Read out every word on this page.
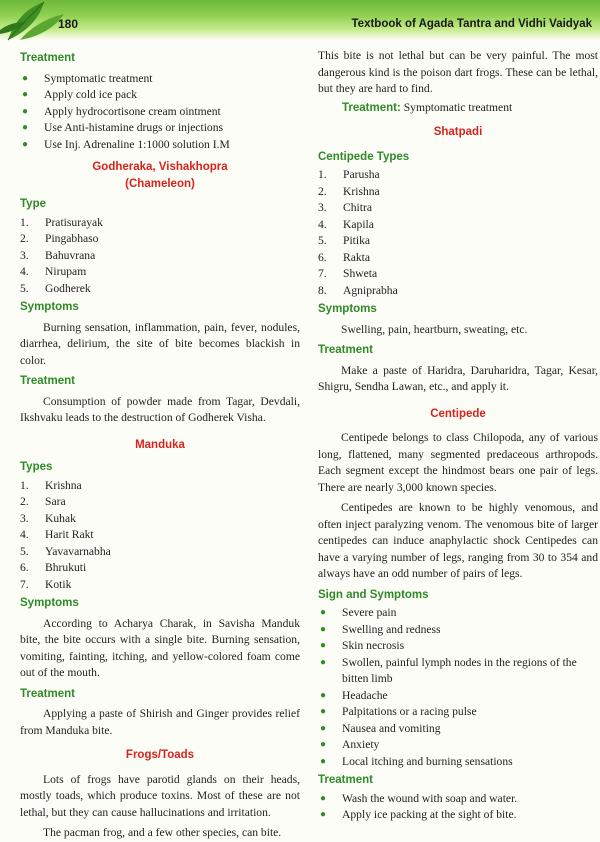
180	Textbook of Agada Tantra and Vidhi Vaidyak
Treatment
● Symptomatic treatment
● Apply cold ice pack
● Apply hydrocortisone cream ointment
● Use Anti-histamine drugs or injections
● Use Inj. Adrenaline 1:1000 solution I.M
Godheraka, Vishakhopra
(Chameleon)
Type
1.	Pratisurayak
2.	Pingabhaso
3.	Bahuvrana
4.	Nirupam
5.	Godherek
Symptoms

Burning sensation, inflammation, pain, fever, nodules, diarrhea, delirium, the site of bite becomes blackish in color.

Treatment

Consumption of powder made from Tagar, Devdali, Ikshvaku leads to the destruction of Godherek Visha.

Manduka
Types
1.	Krishna
2.	Sara
3.	Kuhak
4.	Harit Rakt
5.	Yavavarnabha
6.	Bhrukuti
7.	Kotik
Symptoms

According to Acharya Charak, in Savisha Manduk bite, the bite occurs with a single bite. Burning sensation, vomiting, fainting, itching, and yellow-colored foam come out of the mouth.

Treatment

Applying a paste of Shirish and Ginger provides relief from Manduka bite.

Frogs/Toads

Lots of frogs have parotid glands on their heads, mostly toads, which produce toxins. Most of these are not lethal, but they can cause hallucinations and irritation.

The pacman frog, and a few other species, can bite.

This bite is not lethal but can be very painful. The most dangerous kind is the poison dart frogs. These can be lethal, but they are hard to find.

Treatment: Symptomatic treatment

Shatpadi
Centipede Types
1.	Parusha
2.	Krishna
3.	Chitra
4.	Kapila
5.	Pitika
6.	Rakta
7.	Shweta
8.	Agniprabha
Symptoms

Swelling, pain, heartburn, sweating, etc.

Treatment

Make a paste of Haridra, Daruharidra, Tagar, Kesar, Shigru, Sendha Lawan, etc., and apply it.

Centipede

Centipede belongs to class Chilopoda, any of various long, flattened, many segmented predaceous arthropods. Each segment except the hindmost bears one pair of legs. There are nearly 3,000 known species.

Centipedes are known to be highly venomous, and often inject paralyzing venom. The venomous bite of larger centipedes can induce anaphylactic shock Centipedes can have a varying number of legs, ranging from 30 to 354 and always have an odd number of pairs of legs.

Sign and Symptoms
● Severe pain
● Swelling and redness
● Skin necrosis
● Swollen, painful lymph nodes in the regions of the bitten limb
● Headache
● Palpitations or a racing pulse
● Nausea and vomiting
● Anxiety
● Local itching and burning sensations
Treatment
● Wash the wound with soap and water.
● Apply ice packing at the sight of bite.
